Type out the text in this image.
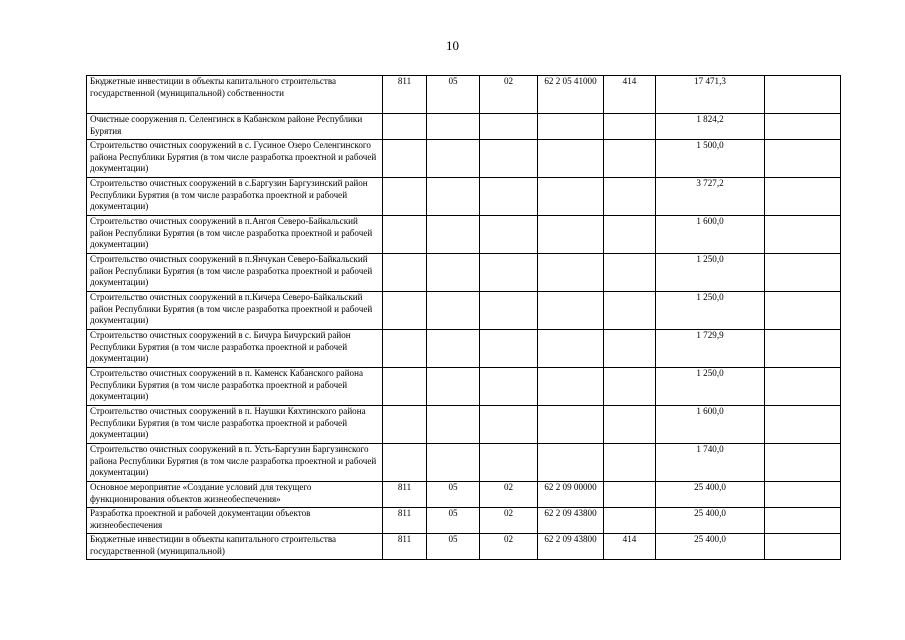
10
Бюджетные инвестиции в объекты капитального строительства государственной (муниципальной) собственности	811	05	02	62 2 05 41000	414	17 471,3	
Очистные сооружения п. Селенгинск в Кабанском районе Республики Бурятия						1 824,2	
Строительство очистных сооружений в с. Гусиное Озеро Селенгинского района Республики Бурятия (в том числе разработка проектной и рабочей документации)						1 500,0	
Строительство очистных сооружений в с.Баргузин Баргузинский район Республики Бурятия (в том числе разработка проектной и рабочей документации)						3 727,2	
Строительство очистных сооружений в п.Ангоя Северо-Байкальский район Республики Бурятия (в том числе разработка проектной и рабочей документации)						1 600,0	
Строительство очистных сооружений в п.Янчукан Северо-Байкальский район Республики Бурятия (в том числе разработка проектной и рабочей документации)						1 250,0	
Строительство очистных сооружений в п.Кичера Северо-Байкальский район Республики Бурятия (в том числе разработка проектной и рабочей документации)						1 250,0	
Строительство очистных сооружений в с. Бичура Бичурский район Республики Бурятия (в том числе разработка проектной и рабочей документации)						1 729,9	
Строительство очистных сооружений в п. Каменск Кабанского района Республики Бурятия (в том числе разработка проектной и рабочей документации)						1 250,0	
Строительство очистных сооружений в п. Наушки Кяхтинского района Республики Бурятия (в том числе разработка проектной и рабочей документации)						1 600,0	
Строительство очистных сооружений в п. Усть-Баргузин Баргузинского района Республики Бурятия (в том числе разработка проектной и рабочей документации)						1 740,0	
Основное мероприятие «Создание условий для текущего функционирования объектов жизнеобеспечения»	811	05	02	62 2 09 00000		25 400,0	
Разработка проектной и рабочей документации объектов жизнеобеспечения	811	05	02	62 2 09 43800		25 400,0	
Бюджетные инвестиции в объекты капитального строительства государственной (муниципальной)	811	05	02	62 2 09 43800	414	25 400,0	
